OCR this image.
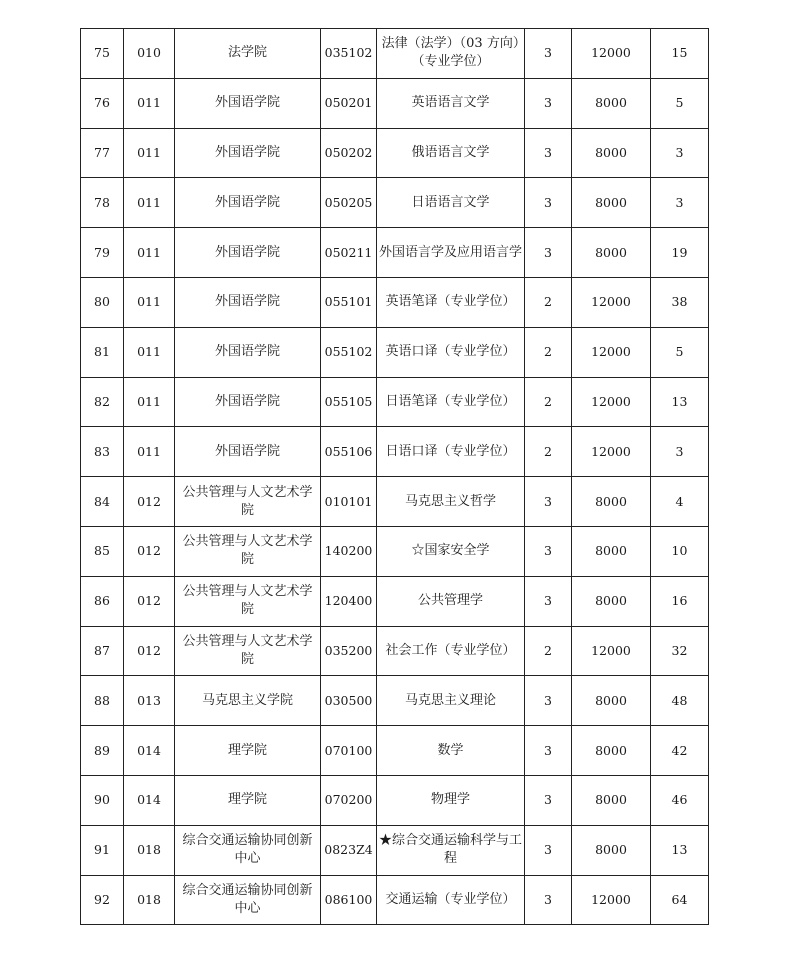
75	010	法学院	035102	法律（法学）（03 方向）（专业学位）	3	12000	15
76	011	外国语学院	050201	英语语言文学	3	8000	5
77	011	外国语学院	050202	俄语语言文学	3	8000	3
78	011	外国语学院	050205	日语语言文学	3	8000	3
79	011	外国语学院	050211	外国语言学及应用语言学	3	8000	19
80	011	外国语学院	055101	英语笔译（专业学位）	2	12000	38
81	011	外国语学院	055102	英语口译（专业学位）	2	12000	5
82	011	外国语学院	055105	日语笔译（专业学位）	2	12000	13
83	011	外国语学院	055106	日语口译（专业学位）	2	12000	3
84	012	公共管理与人文艺术学院	010101	马克思主义哲学	3	8000	4
85	012	公共管理与人文艺术学院	140200	☆国家安全学	3	8000	10
86	012	公共管理与人文艺术学院	120400	公共管理学	3	8000	16
87	012	公共管理与人文艺术学院	035200	社会工作（专业学位）	2	12000	32
88	013	马克思主义学院	030500	马克思主义理论	3	8000	48
89	014	理学院	070100	数学	3	8000	42
90	014	理学院	070200	物理学	3	8000	46
91	018	综合交通运输协同创新中心	0823Z4	★综合交通运输科学与工程	3	8000	13
92	018	综合交通运输协同创新中心	086100	交通运输（专业学位）	3	12000	64
